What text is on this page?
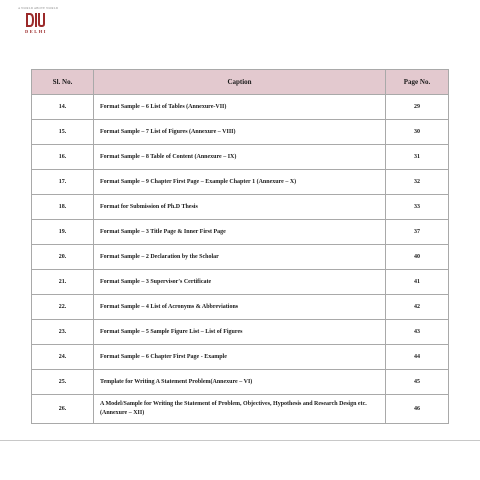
A WORLD ABOVE WORLD
DELHI
Sl. No.	Caption	Page No.
14.	Format Sample – 6 List of Tables (Annexure-VII)	29
15.	Format Sample – 7 List of Figures (Annexure – VIII)	30
16.	Format Sample – 8 Table of Content (Annexure – IX)	31
17.	Format Sample – 9 Chapter First Page – Example Chapter 1 (Annexure – X)	32
18.	Format for Submission of Ph.D Thesis	33
19.	Format Sample – 3 Title Page & Inner First Page	37
20.	Format Sample – 2 Declaration by the Scholar	40
21.	Format Sample – 3 Supervisor's Certificate	41
22.	Format Sample – 4 List of Acronyms & Abbreviations	42
23.	Format Sample – 5 Sample Figure List – List of Figures	43
24.	Format Sample – 6 Chapter First Page - Example	44
25.	Template for Writing A Statement Problem(Annexure – VI)	45
26.	A Model/Sample for Writing the Statement of Problem, Objectives, Hypothesis and Research Design etc.
(Annexure – XII)	46
